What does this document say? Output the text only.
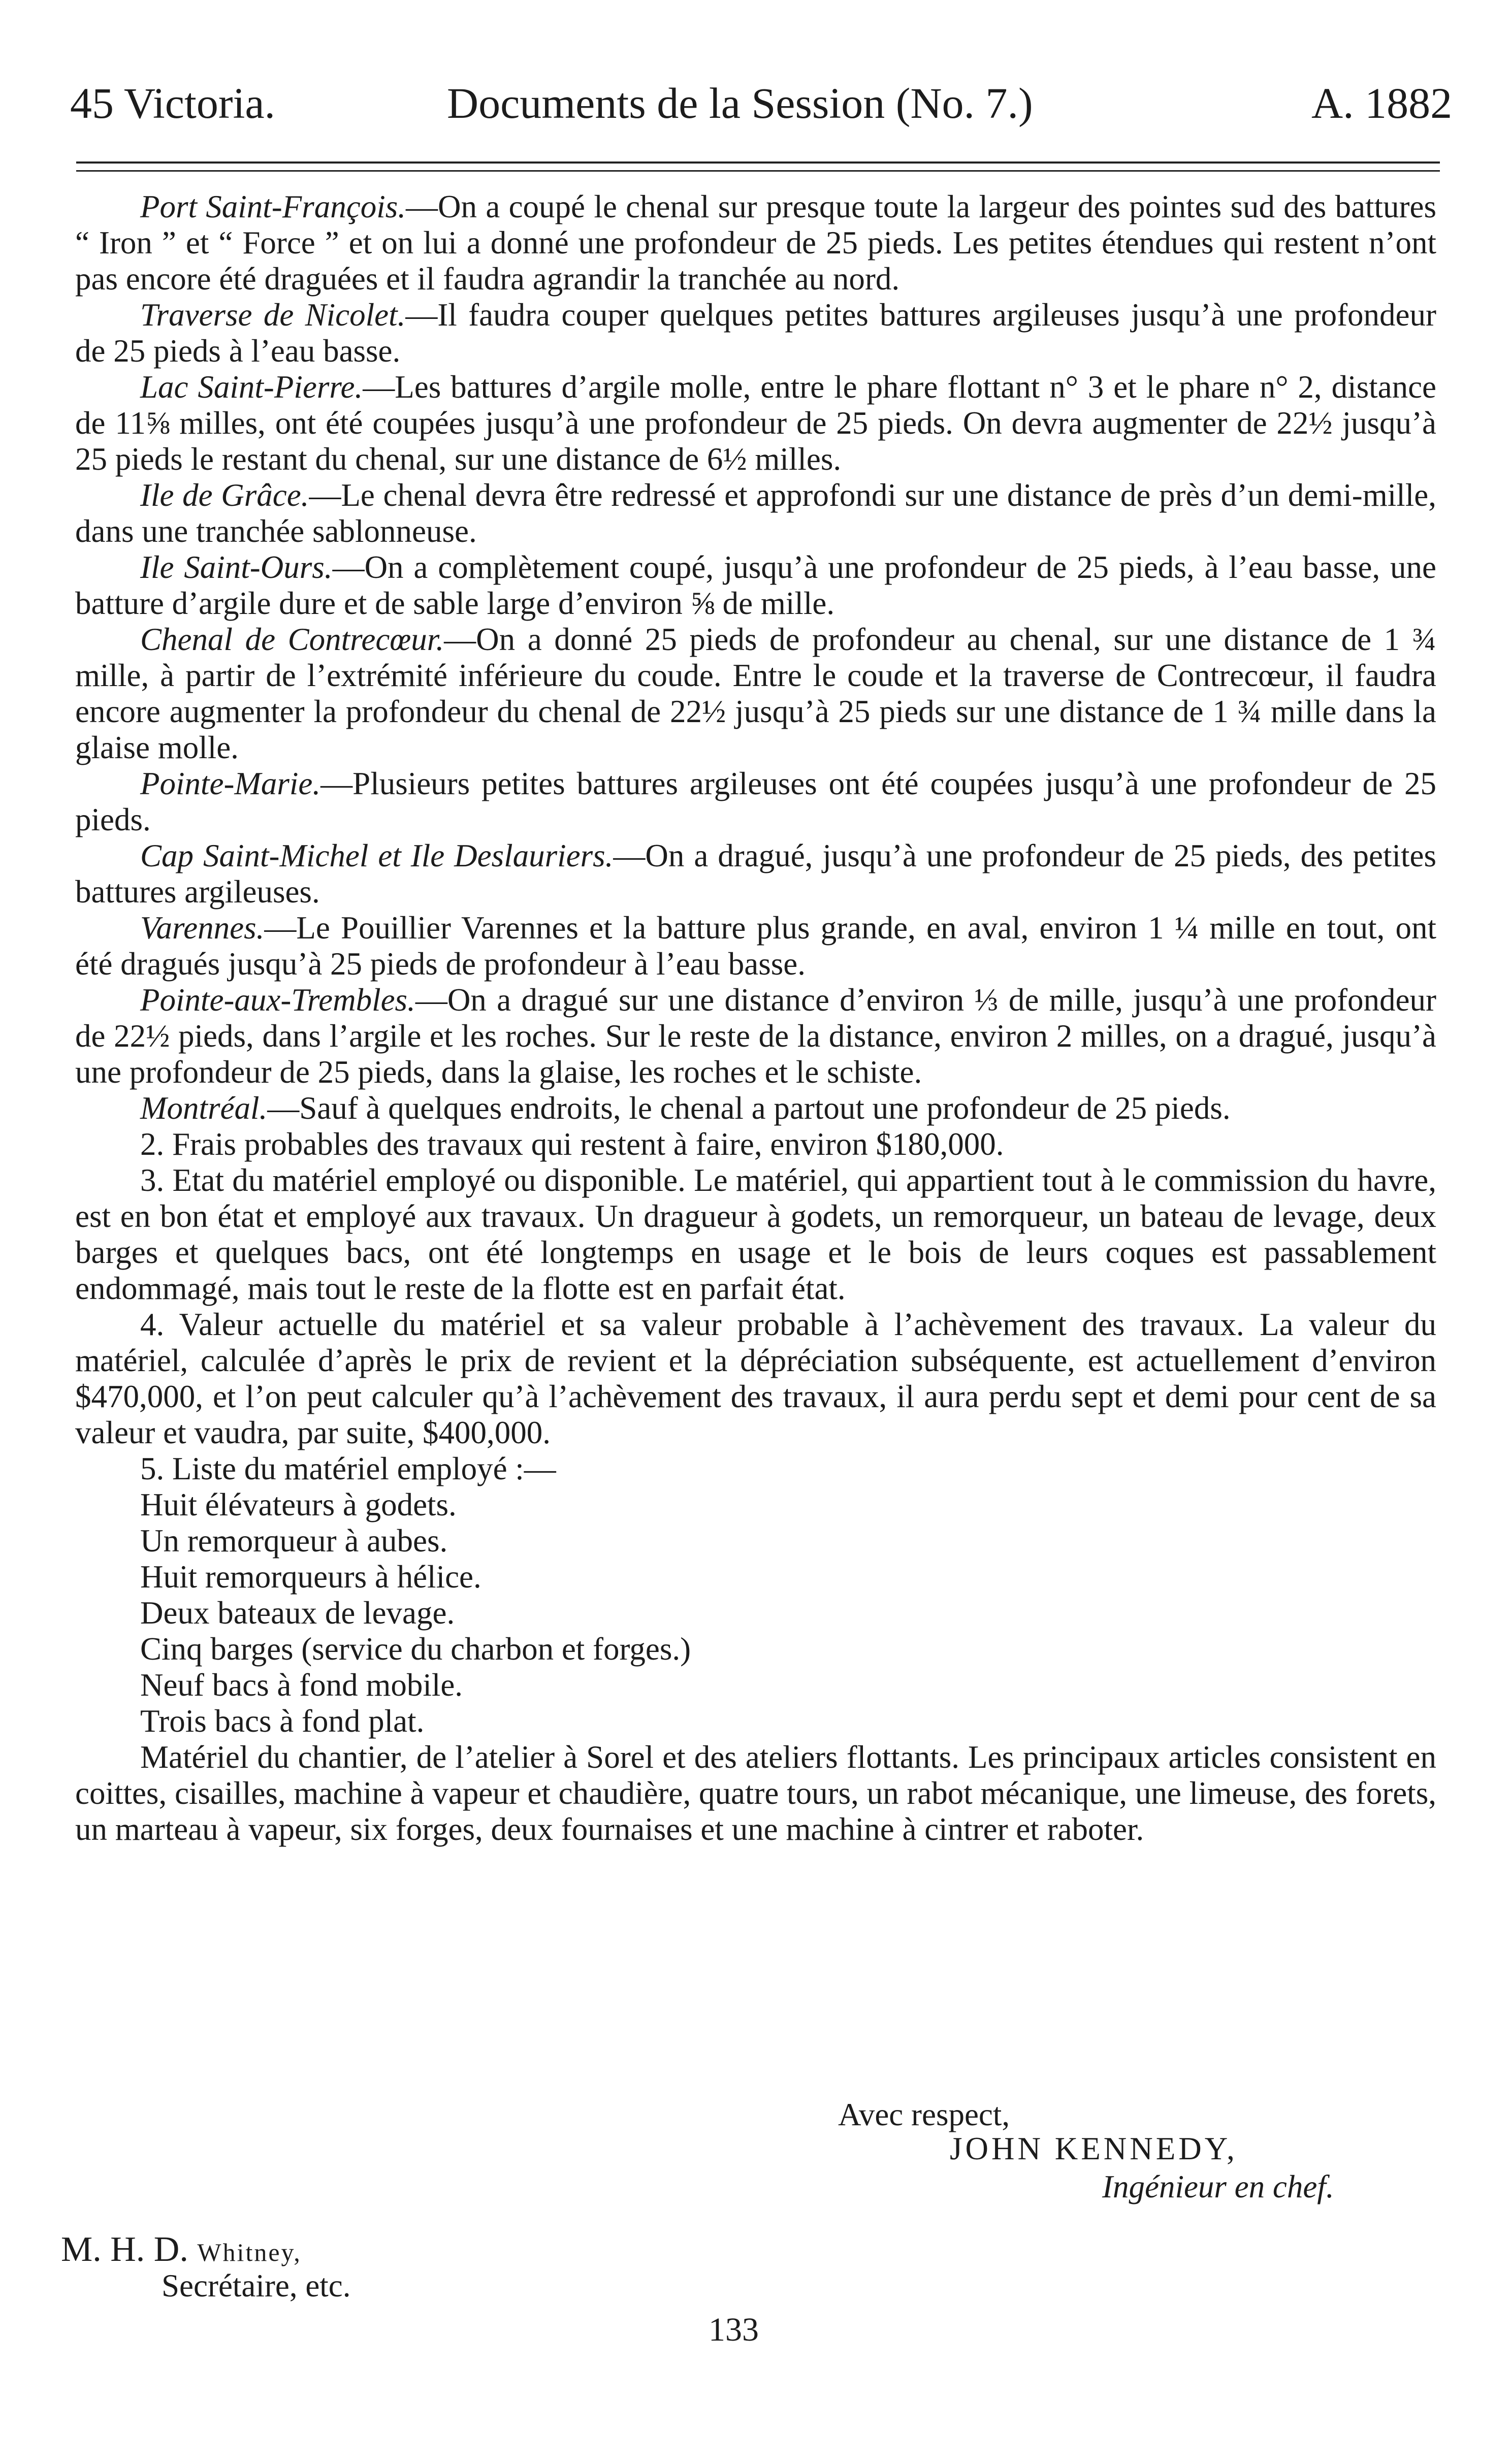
45 Victoria.	Documents de la Session (No. 7.)	A. 1882

Port Saint-François.—On a coupé le chenal sur presque toute la largeur des pointes sud des battures “ Iron ” et “ Force ” et on lui a donné une profondeur de 25 pieds. Les petites étendues qui restent n’ont pas encore été draguées et il faudra agrandir la tranchée au nord.

Traverse de Nicolet.—Il faudra couper quelques petites battures argileuses jusqu’à une profondeur de 25 pieds à l’eau basse.

Lac Saint-Pierre.—Les battures d’argile molle, entre le phare flottant n° 3 et le phare n° 2, distance de 11⅝ milles, ont été coupées jusqu’à une profondeur de 25 pieds. On devra augmenter de 22½ jusqu’à 25 pieds le restant du chenal, sur une distance de 6½ milles.

Ile de Grâce.—Le chenal devra être redressé et approfondi sur une distance de près d’un demi-mille, dans une tranchée sablonneuse.

Ile Saint-Ours.—On a complètement coupé, jusqu’à une profondeur de 25 pieds, à l’eau basse, une batture d’argile dure et de sable large d’environ ⅝ de mille.

Chenal de Contrecœur.—On a donné 25 pieds de profondeur au chenal, sur une distance de 1 ¾ mille, à partir de l’extrémité inférieure du coude. Entre le coude et la traverse de Contrecœur, il faudra encore augmenter la profondeur du chenal de 22½ jusqu’à 25 pieds sur une distance de 1 ¾ mille dans la glaise molle.

Pointe-Marie.—Plusieurs petites battures argileuses ont été coupées jusqu’à une profondeur de 25 pieds.

Cap Saint-Michel et Ile Deslauriers.—On a dragué, jusqu’à une profondeur de 25 pieds, des petites battures argileuses.

Varennes.—Le Pouillier Varennes et la batture plus grande, en aval, environ 1 ¼ mille en tout, ont été dragués jusqu’à 25 pieds de profondeur à l’eau basse.

Pointe-aux-Trembles.—On a dragué sur une distance d’environ ⅓ de mille, jusqu’à une profondeur de 22½ pieds, dans l’argile et les roches. Sur le reste de la distance, environ 2 milles, on a dragué, jusqu’à une profondeur de 25 pieds, dans la glaise, les roches et le schiste.

Montréal.—Sauf à quelques endroits, le chenal a partout une profondeur de 25 pieds.

2. Frais probables des travaux qui restent à faire, environ $180,000.

3. Etat du matériel employé ou disponible. Le matériel, qui appartient tout à le commission du havre, est en bon état et employé aux travaux. Un dragueur à godets, un remorqueur, un bateau de levage, deux barges et quelques bacs, ont été longtemps en usage et le bois de leurs coques est passablement endommagé, mais tout le reste de la flotte est en parfait état.

4. Valeur actuelle du matériel et sa valeur probable à l’achèvement des travaux. La valeur du matériel, calculée d’après le prix de revient et la dépréciation subséquente, est actuellement d’environ $470,000, et l’on peut calculer qu’à l’achèvement des travaux, il aura perdu sept et demi pour cent de sa valeur et vaudra, par suite, $400,000.

5. Liste du matériel employé :—

Huit élévateurs à godets.

Un remorqueur à aubes.

Huit remorqueurs à hélice.

Deux bateaux de levage.

Cinq barges (service du charbon et forges.)

Neuf bacs à fond mobile.

Trois bacs à fond plat.

Matériel du chantier, de l’atelier à Sorel et des ateliers flottants. Les principaux articles consistent en coittes, cisailles, machine à vapeur et chaudière, quatre tours, un rabot mécanique, une limeuse, des forets, un marteau à vapeur, six forges, deux fournaises et une machine à cintrer et raboter.

Avec respect,
JOHN KENNEDY,
Ingénieur en chef.
M. H. D. Whitney,
Secrétaire, etc.
133
